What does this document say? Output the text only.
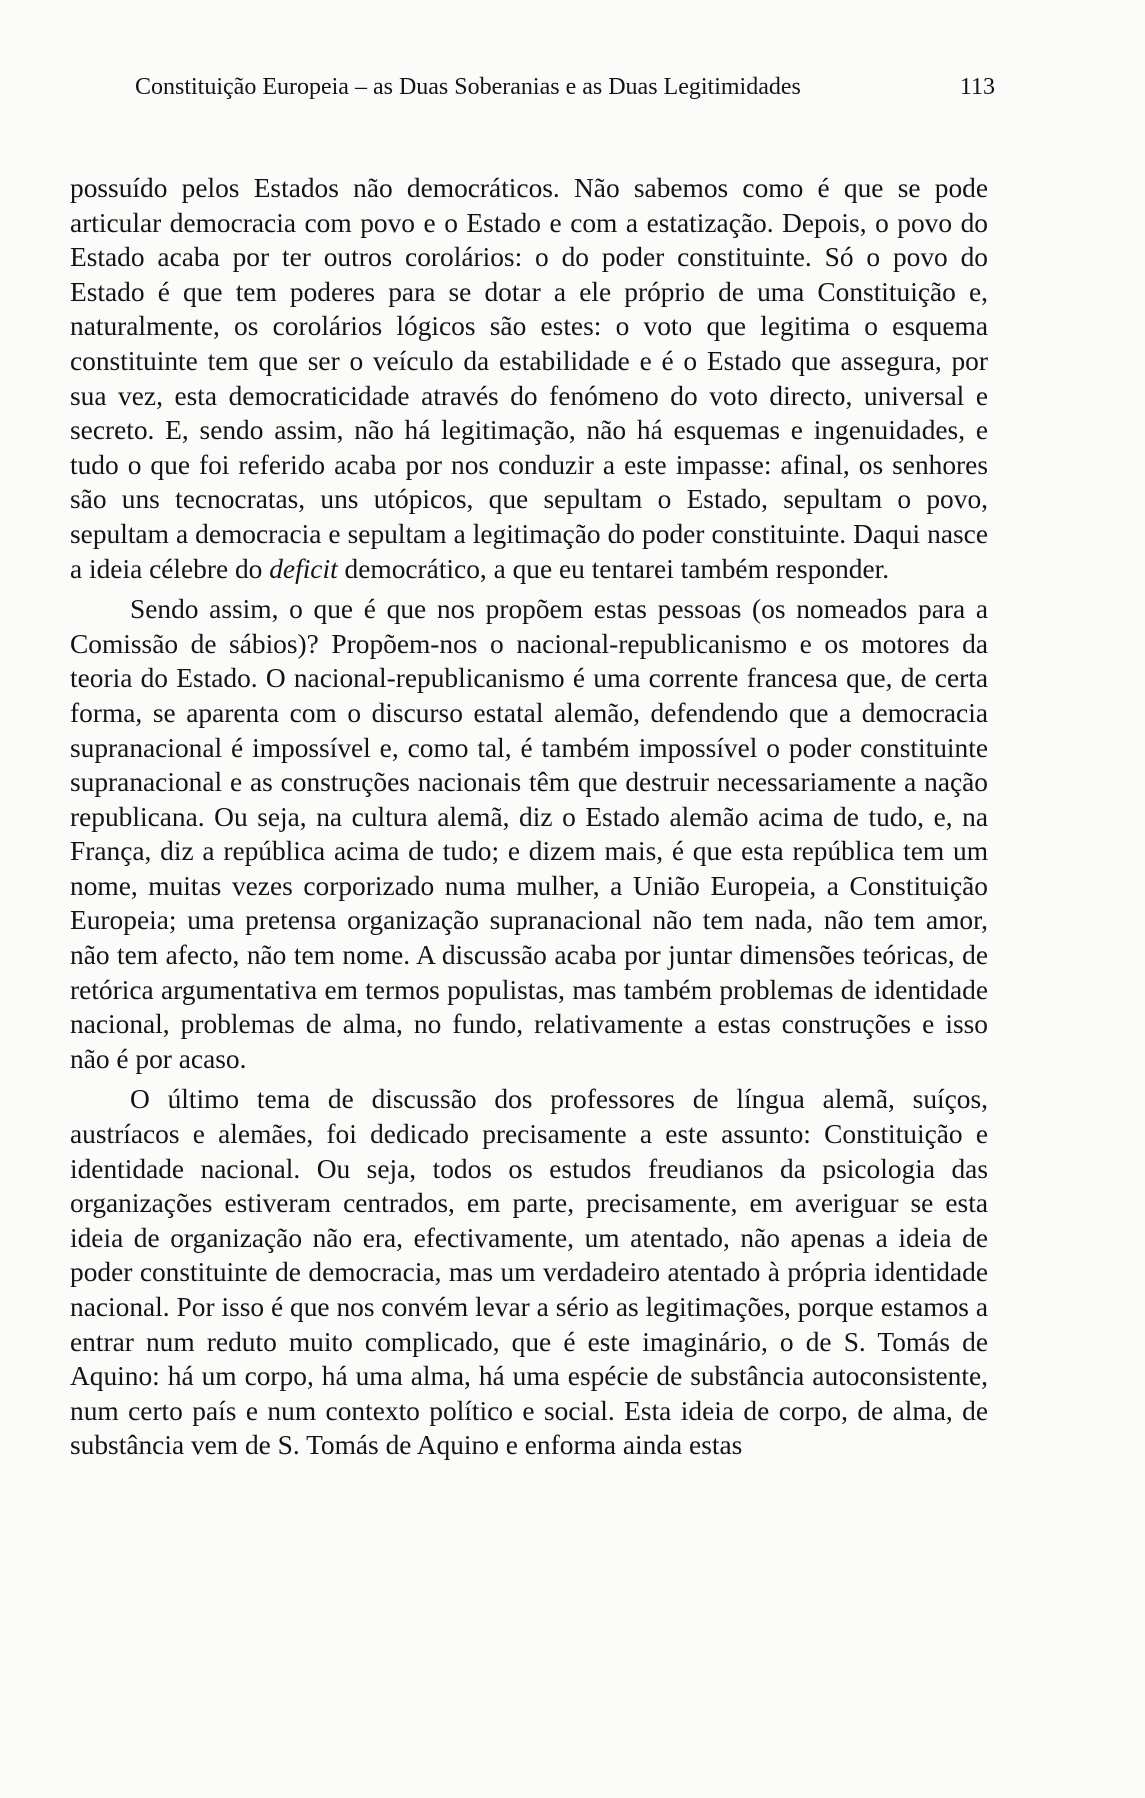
Constituição Europeia – as Duas Soberanias e as Duas Legitimidades	113

possuído pelos Estados não democráticos. Não sabemos como é que se pode articular democracia com povo e o Estado e com a estatização. Depois, o povo do Estado acaba por ter outros corolários: o do poder constituinte. Só o povo do Estado é que tem poderes para se dotar a ele próprio de uma Constituição e, naturalmente, os corolários lógicos são estes: o voto que legitima o esquema constituinte tem que ser o veículo da estabilidade e é o Estado que assegura, por sua vez, esta democraticidade através do fenómeno do voto directo, universal e secreto. E, sendo assim, não há legitimação, não há esquemas e ingenuidades, e tudo o que foi referido acaba por nos conduzir a este impasse: afinal, os senhores são uns tecnocratas, uns utópicos, que sepultam o Estado, sepultam o povo, sepultam a democracia e sepultam a legitimação do poder constituinte. Daqui nasce a ideia célebre do deficit democrático, a que eu tentarei também responder.

Sendo assim, o que é que nos propõem estas pessoas (os nomeados para a Comissão de sábios)? Propõem-nos o nacional-republicanismo e os motores da teoria do Estado. O nacional-republicanismo é uma corrente francesa que, de certa forma, se aparenta com o discurso estatal alemão, defendendo que a democracia supranacional é impossível e, como tal, é também impossível o poder constituinte supranacional e as construções nacionais têm que destruir necessariamente a nação republicana. Ou seja, na cultura alemã, diz o Estado alemão acima de tudo, e, na França, diz a república acima de tudo; e dizem mais, é que esta república tem um nome, muitas vezes corporizado numa mulher, a União Europeia, a Constituição Europeia; uma pretensa organização supranacional não tem nada, não tem amor, não tem afecto, não tem nome. A discussão acaba por juntar dimensões teóricas, de retórica argumentativa em termos populistas, mas também problemas de identidade nacional, problemas de alma, no fundo, relativamente a estas construções e isso não é por acaso.

O último tema de discussão dos professores de língua alemã, suíços, austríacos e alemães, foi dedicado precisamente a este assunto: Constituição e identidade nacional. Ou seja, todos os estudos freudianos da psicologia das organizações estiveram centrados, em parte, precisamente, em averiguar se esta ideia de organização não era, efectivamente, um atentado, não apenas a ideia de poder constituinte de democracia, mas um verdadeiro atentado à própria identidade nacional. Por isso é que nos convém levar a sério as legitimações, porque estamos a entrar num reduto muito complicado, que é este imaginário, o de S. Tomás de Aquino: há um corpo, há uma alma, há uma espécie de substância autoconsistente, num certo país e num contexto político e social. Esta ideia de corpo, de alma, de substância vem de S. Tomás de Aquino e enforma ainda estas
